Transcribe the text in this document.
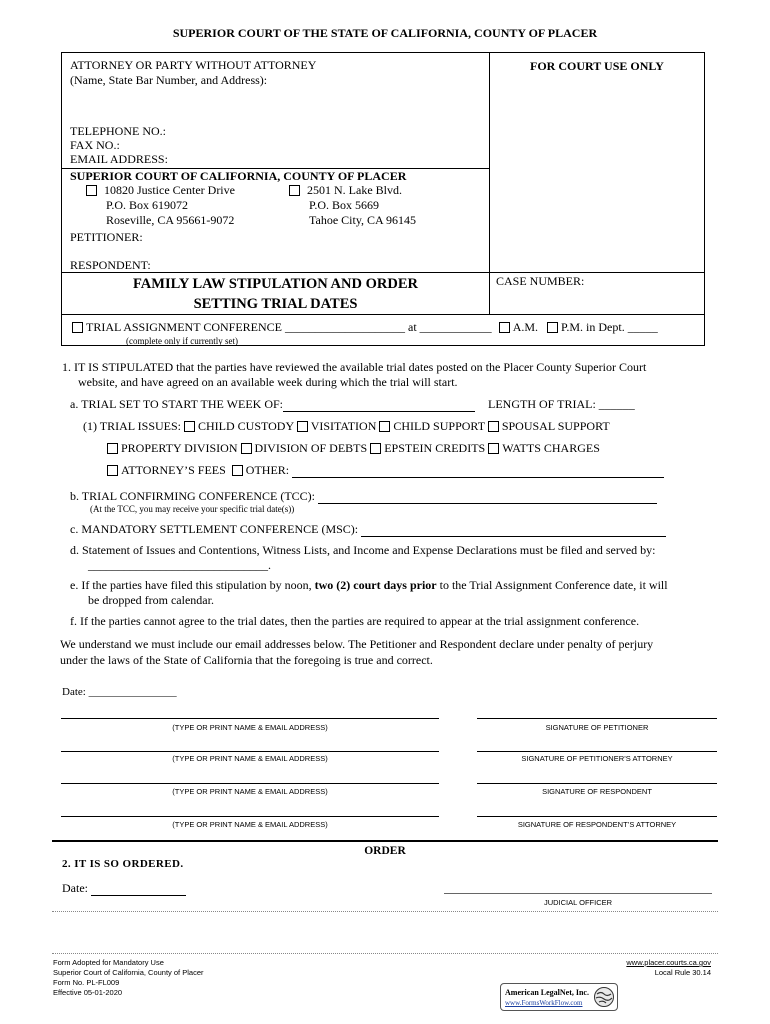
SUPERIOR COURT OF THE STATE OF CALIFORNIA, COUNTY OF PLACER
ATTORNEY OR PARTY WITHOUT ATTORNEY
(Name, State Bar Number, and Address):
FOR COURT USE ONLY
TELEPHONE NO.:
FAX NO.:
EMAIL ADDRESS:
SUPERIOR COURT OF CALIFORNIA, COUNTY OF PLACER
10820 Justice Center Drive
P.O. Box 619072
Roseville, CA 95661-9072
2501 N. Lake Blvd.
P.O. Box 5669
Tahoe City, CA 96145
PETITIONER:
RESPONDENT:
FAMILY LAW STIPULATION AND ORDER
SETTING TRIAL DATES
CASE NUMBER:
TRIAL ASSIGNMENT CONFERENCE ____________________ at ____________ A.M. P.M. in Dept. _____
(complete only if currently set)
1. IT IS STIPULATED that the parties have reviewed the available trial dates posted on the Placer County Superior Court
website, and have agreed on an available week during which the trial will start.
a. TRIAL SET TO START THE WEEK OF:	LENGTH OF TRIAL: ______
(1) TRIAL ISSUES: CHILD CUSTODY VISITATION CHILD SUPPORT SPOUSAL SUPPORT
PROPERTY DIVISION DIVISION OF DEBTS EPSTEIN CREDITS WATTS CHARGES
ATTORNEY’S FEES OTHER:
b. TRIAL CONFIRMING CONFERENCE (TCC):
(At the TCC, you may receive your specific trial date(s))
c. MANDATORY SETTLEMENT CONFERENCE (MSC):
d. Statement of Issues and Contentions, Witness Lists, and Income and Expense Declarations must be filed and served by:
______________________________.
e. If the parties have filed this stipulation by noon, two (2) court days prior to the Trial Assignment Conference date, it will
be dropped from calendar.
f. If the parties cannot agree to the trial dates, then the parties are required to appear at the trial assignment conference.
We understand we must include our email addresses below. The Petitioner and Respondent declare under penalty of perjury
under the laws of the State of California that the foregoing is true and correct.
Date: ________________
(TYPE OR PRINT NAME & EMAIL ADDRESS)	SIGNATURE OF PETITIONER
(TYPE OR PRINT NAME & EMAIL ADDRESS)	SIGNATURE OF PETITIONER’S ATTORNEY
(TYPE OR PRINT NAME & EMAIL ADDRESS)	SIGNATURE OF RESPONDENT
(TYPE OR PRINT NAME & EMAIL ADDRESS)	SIGNATURE OF RESPONDENT’S ATTORNEY
ORDER
2. IT IS SO ORDERED.
Date:
JUDICIAL OFFICER
Form Adopted for Mandatory Use
Superior Court of California, County of Placer
Form No. PL-FL009
Effective 05-01-2020
www.placer.courts.ca.gov
Local Rule 30.14
American LegalNet, Inc.
www.FormsWorkFlow.com
